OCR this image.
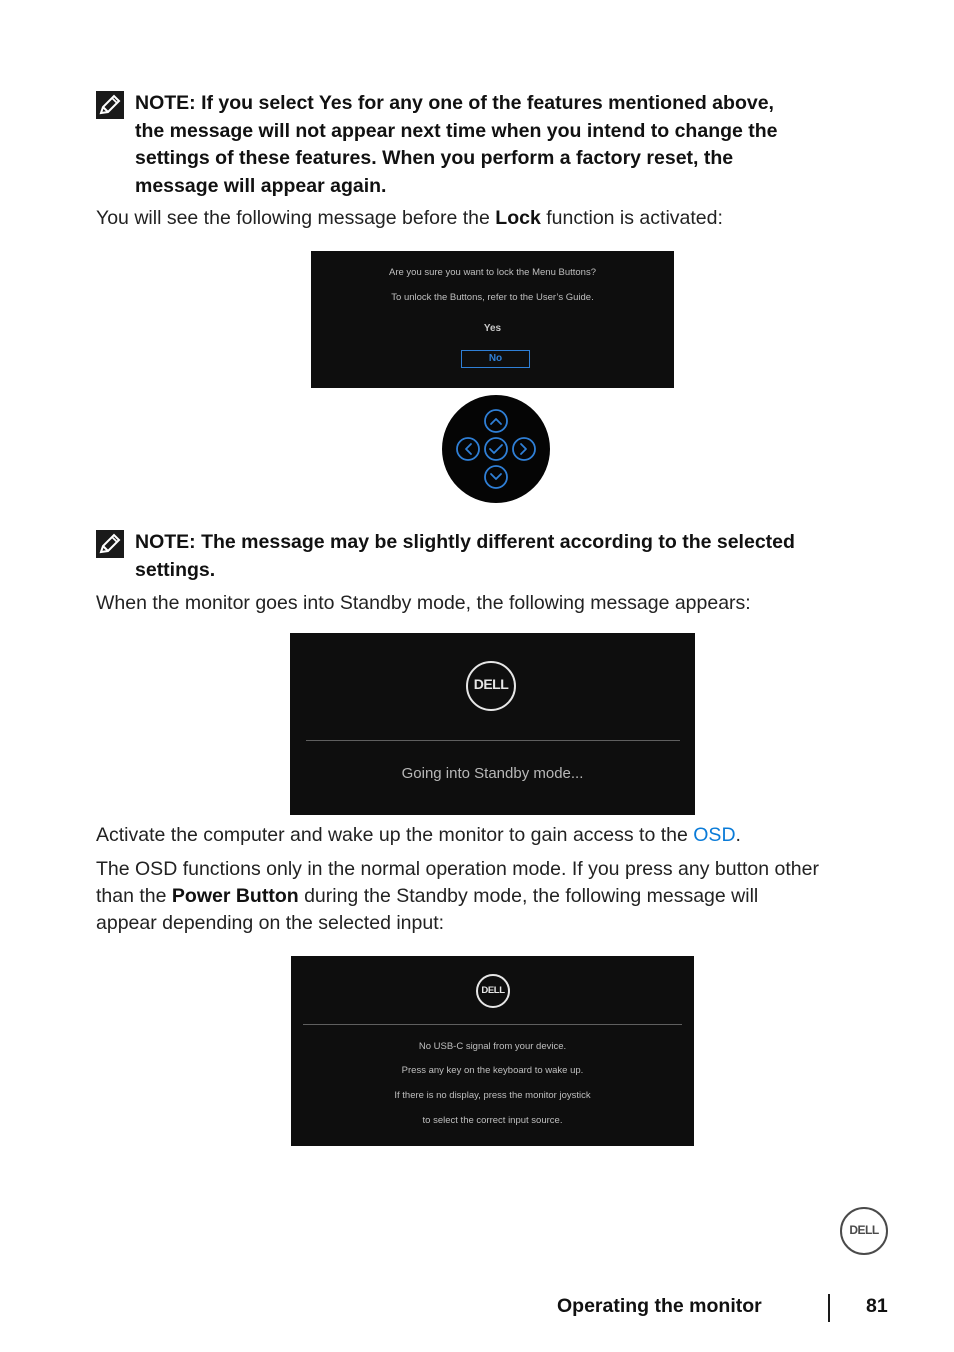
NOTE: If you select Yes for any one of the features mentioned above,
the message will not appear next time when you intend to change the
settings of these features. When you perform a factory reset, the
message will appear again.
You will see the following message before the Lock function is activated:
Are you sure you want to lock the Menu Buttons?
To unlock the Buttons, refer to the User’s Guide.
Yes
No
NOTE: The message may be slightly different according to the selected
settings.
When the monitor goes into Standby mode, the following message appears:
DELL
Going into Standby mode...
Activate the computer and wake up the monitor to gain access to the OSD.
The OSD functions only in the normal operation mode. If you press any button other
than the Power Button during the Standby mode, the following message will
appear depending on the selected input:
DELL
No USB-C signal from your device.
Press any key on the keyboard to wake up.
If there is no display, press the monitor joystick
to select the correct input source.
DELL
Operating the monitor	81
